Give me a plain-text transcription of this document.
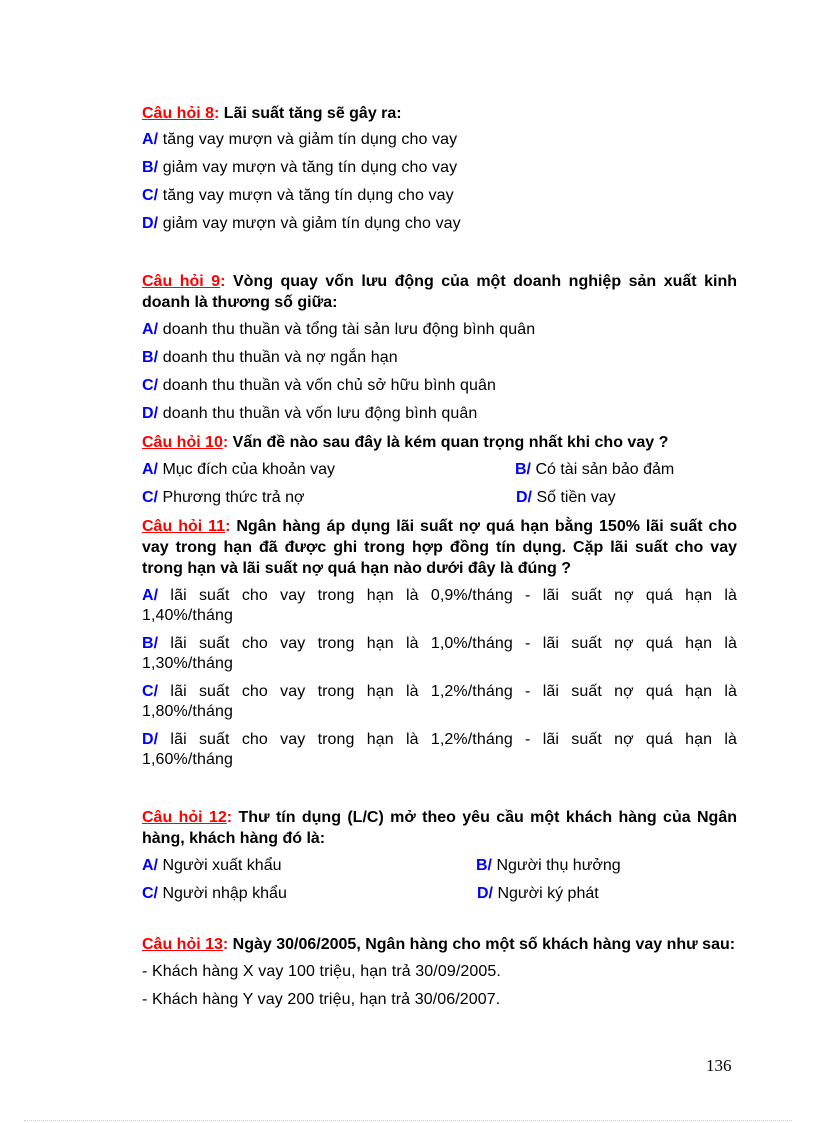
Câu hỏi 8: Lãi suất tăng sẽ gây ra:

A/ tăng vay mượn và giảm tín dụng cho vay

B/ giảm vay mượn và tăng tín dụng cho vay

C/ tăng vay mượn và tăng tín dụng cho vay

D/ giảm vay mượn và giảm tín dụng cho vay

Câu hỏi 9: Vòng quay vốn lưu động của một doanh nghiệp sản xuất kinh doanh là thương số giữa:

A/ doanh thu thuần và tổng tài sản lưu động bình quân

B/ doanh thu thuần và nợ ngắn hạn

C/ doanh thu thuần và vốn chủ sở hữu bình quân

D/ doanh thu thuần và vốn lưu động bình quân

Câu hỏi 10: Vấn đề nào sau đây là kém quan trọng nhất khi cho vay ?

A/ Mục đích của khoản vay	B/ Có tài sản bảo đảm
C/ Phương thức trả nợ	D/ Số tiền vay

Câu hỏi 11: Ngân hàng áp dụng lãi suất nợ quá hạn bằng 150% lãi suất cho vay trong hạn đã được ghi trong hợp đồng tín dụng. Cặp lãi suất cho vay trong hạn và lãi suất nợ quá hạn nào dưới đây là đúng ?

A/ lãi suất cho vay trong hạn là 0,9%/tháng - lãi suất nợ quá hạn là 1,40%/tháng

B/ lãi suất cho vay trong hạn là 1,0%/tháng - lãi suất nợ quá hạn là 1,30%/tháng

C/ lãi suất cho vay trong hạn là 1,2%/tháng - lãi suất nợ quá hạn là 1,80%/tháng

D/ lãi suất cho vay trong hạn là 1,2%/tháng - lãi suất nợ quá hạn là 1,60%/tháng

Câu hỏi 12: Thư tín dụng (L/C) mở theo yêu cầu một khách hàng của Ngân hàng, khách hàng đó là:

A/ Người xuất khẩu	B/ Người thụ hưởng
C/ Người nhập khẩu	D/ Người ký phát

Câu hỏi 13: Ngày 30/06/2005, Ngân hàng cho một số khách hàng vay như sau:

- Khách hàng X vay 100 triệu, hạn trả 30/09/2005.

- Khách hàng Y vay 200 triệu, hạn trả 30/06/2007.

136
